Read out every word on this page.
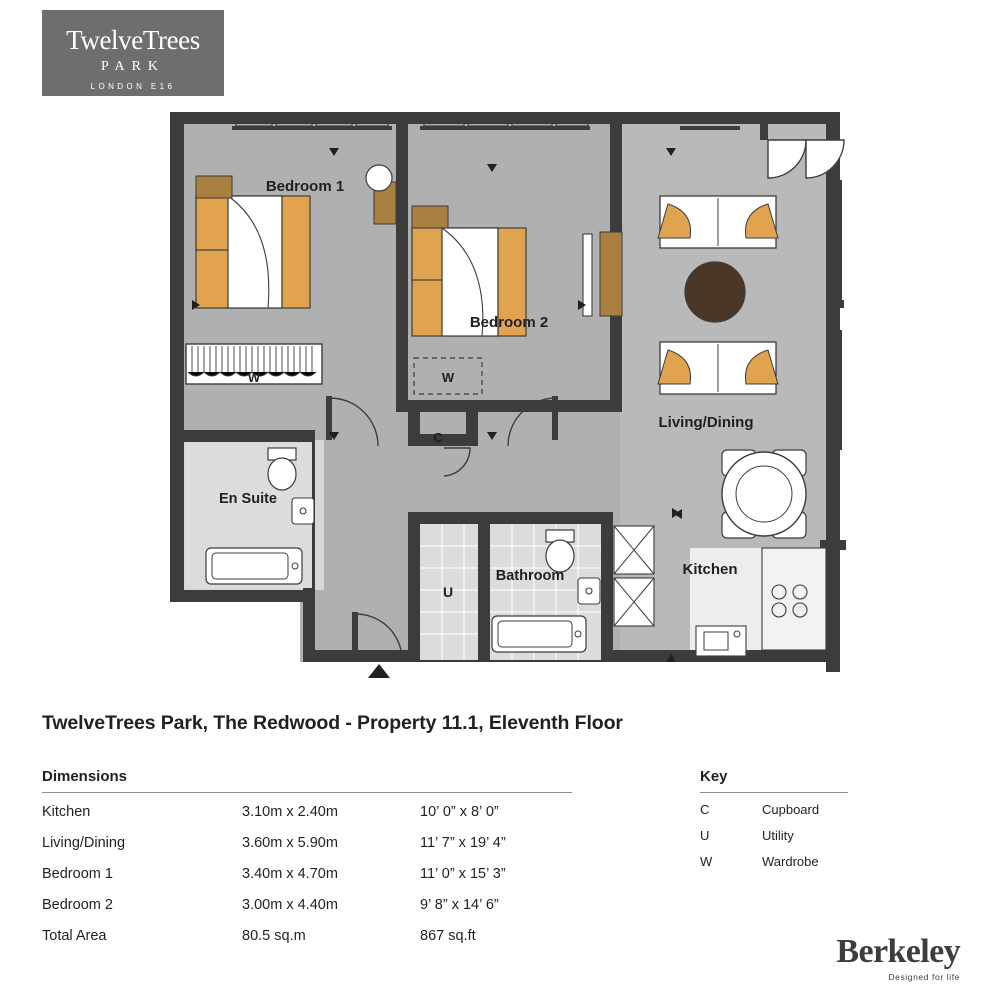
TwelveTrees
PARK
LONDON E16
W	W
C
En Suite
Bathroom
U
Bedroom 1
Bedroom 2
Living/Dining
Kitchen
TwelveTrees Park, The Redwood - Property 11.1, Eleventh Floor
Dimensions
Kitchen	3.10m x 2.40m	10’ 0” x 8’ 0”
Living/Dining	3.60m x 5.90m	11’ 7” x 19’ 4”
Bedroom 1	3.40m x 4.70m	11’ 0” x 15’ 3”
Bedroom 2	3.00m x 4.40m	9’ 8” x 14’ 6”
Total Area	80.5 sq.m	867 sq.ft
Key
C	Cupboard
U	Utility
W	Wardrobe
Berkeley
Designed for life
